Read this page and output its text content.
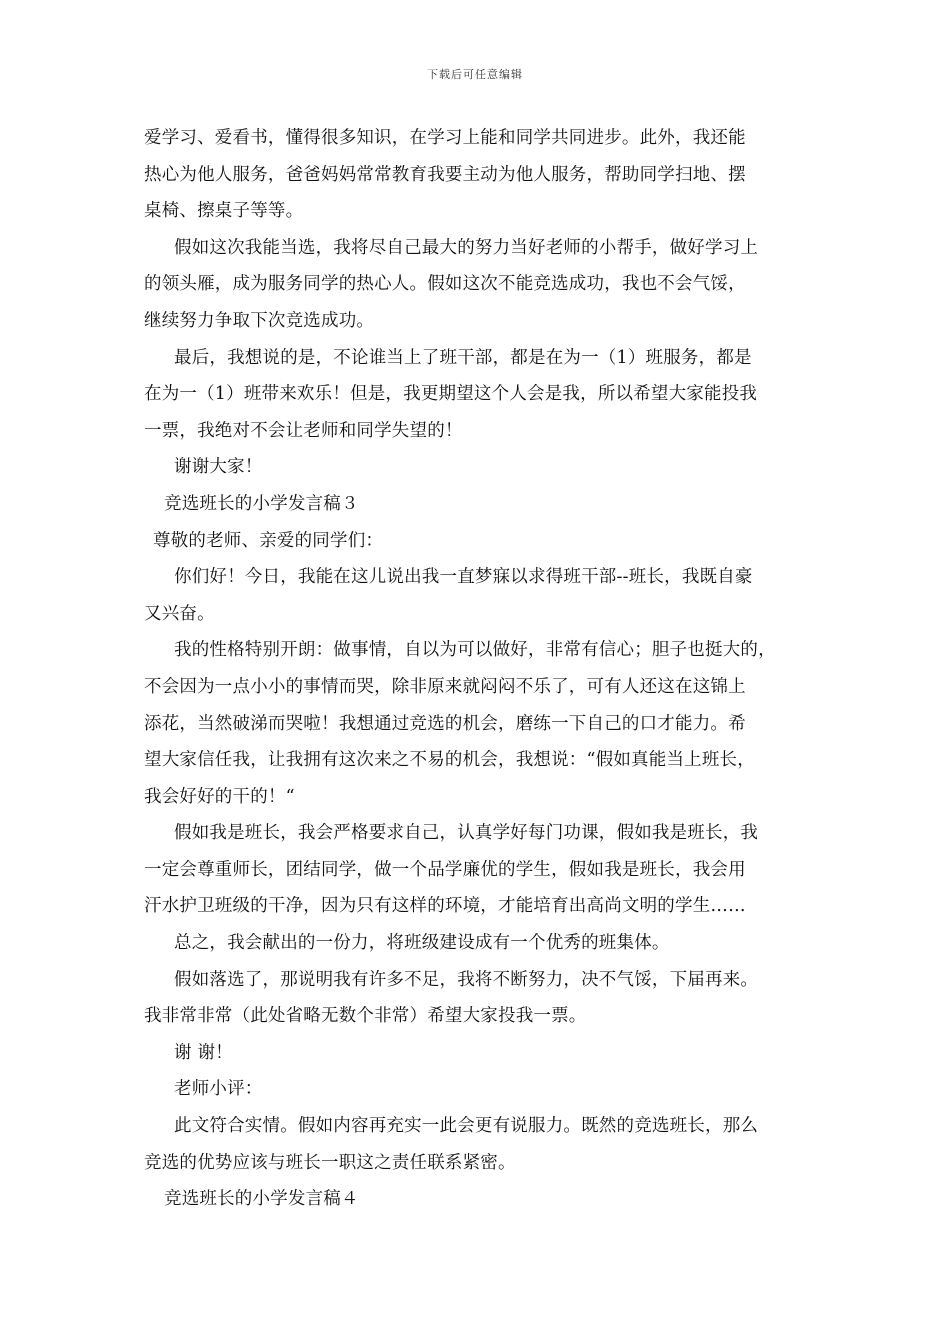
下载后可任意编辑
爱学习、爱看书，懂得很多知识，在学习上能和同学共同进步。此外，我还能
热心为他人服务，爸爸妈妈常常教育我要主动为他人服务，帮助同学扫地、摆
桌椅、擦桌子等等。
假如这次我能当选，我将尽自己最大的努力当好老师的小帮手，做好学习上
的领头雁，成为服务同学的热心人。假如这次不能竞选成功，我也不会气馁，
继续努力争取下次竞选成功。
最后，我想说的是，不论谁当上了班干部，都是在为一（1）班服务，都是
在为一（1）班带来欢乐！但是，我更期望这个人会是我，所以希望大家能投我
一票，我绝对不会让老师和同学失望的！
谢谢大家！
竞选班长的小学发言稿３
尊敬的老师、亲爱的同学们：
你们好！今日，我能在这儿说出我一直梦寐以求得班干部--班长，我既自豪
又兴奋。
我的性格特别开朗：做事情，自以为可以做好，非常有信心；胆子也挺大的，
不会因为一点小小的事情而哭，除非原来就闷闷不乐了，可有人还这在这锦上
添花，当然破涕而哭啦！我想通过竞选的机会，磨练一下自己的口才能力。希
望大家信任我，让我拥有这次来之不易的机会，我想说：“假如真能当上班长，
我会好好的干的！“
假如我是班长，我会严格要求自己，认真学好每门功课，假如我是班长，我
一定会尊重师长，团结同学，做一个品学廉优的学生，假如我是班长，我会用
汗水护卫班级的干净，因为只有这样的环境，才能培育出高尚文明的学生……
总之，我会献出的一份力，将班级建设成有一个优秀的班集体。
假如落选了，那说明我有许多不足，我将不断努力，决不气馁，下届再来。
我非常非常（此处省略无数个非常）希望大家投我一票。
谢 谢！
老师小评：
此文符合实情。假如内容再充实一此会更有说服力。既然的竞选班长，那么
竞选的优势应该与班长一职这之责任联系紧密。
竞选班长的小学发言稿４
